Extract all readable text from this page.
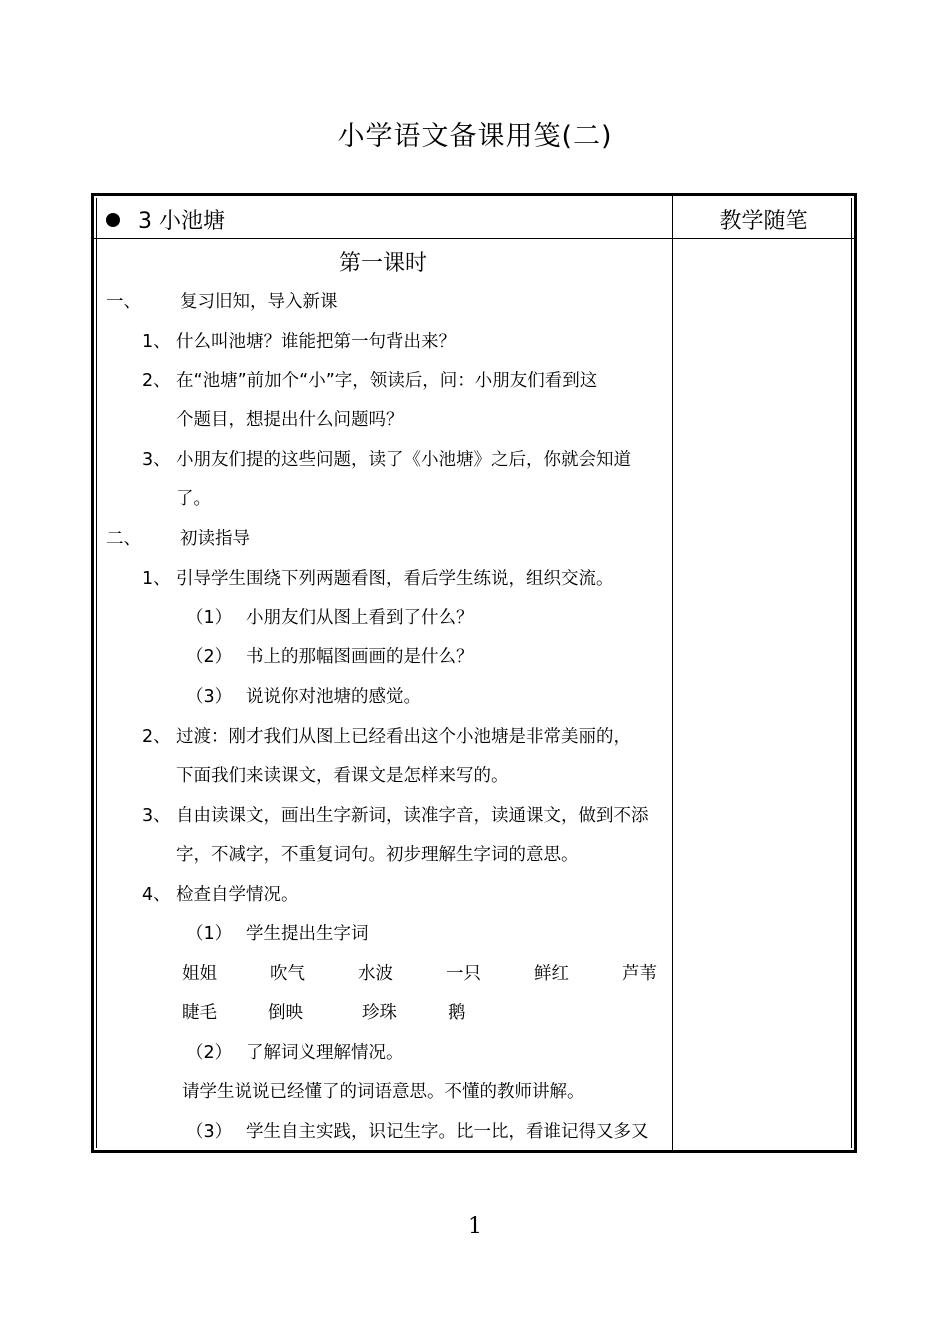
小学语文备课用笺(二)
3 小池塘	教学随笔
第一课时
一、 复习旧知，导入新课
1、 什么叫池塘？谁能把第一句背出来？
2、 在“池塘”前加个“小”字，领读后，问：小朋友们看到这
个题目，想提出什么问题吗？
3、 小朋友们提的这些问题，读了《小池塘》之后，你就会知道
了。
二、 初读指导
1、 引导学生围绕下列两题看图，看后学生练说，组织交流。
（1） 小朋友们从图上看到了什么？
（2） 书上的那幅图画画的是什么？
（3） 说说你对池塘的感觉。
2、 过渡：刚才我们从图上已经看出这个小池塘是非常美丽的，
下面我们来读课文，看课文是怎样来写的。
3、 自由读课文，画出生字新词，读准字音，读通课文，做到不添
字，不减字，不重复词句。初步理解生字词的意思。
4、 检查自学情况。
（1） 学生提出生字词
姐姐	吹气	水波	一只	鲜红	芦苇
睫毛	倒映	珍珠	鹅
（2） 了解词义理解情况。
请学生说说已经懂了的词语意思。不懂的教师讲解。
（3） 学生自主实践，识记生字。比一比，看谁记得又多又
1
